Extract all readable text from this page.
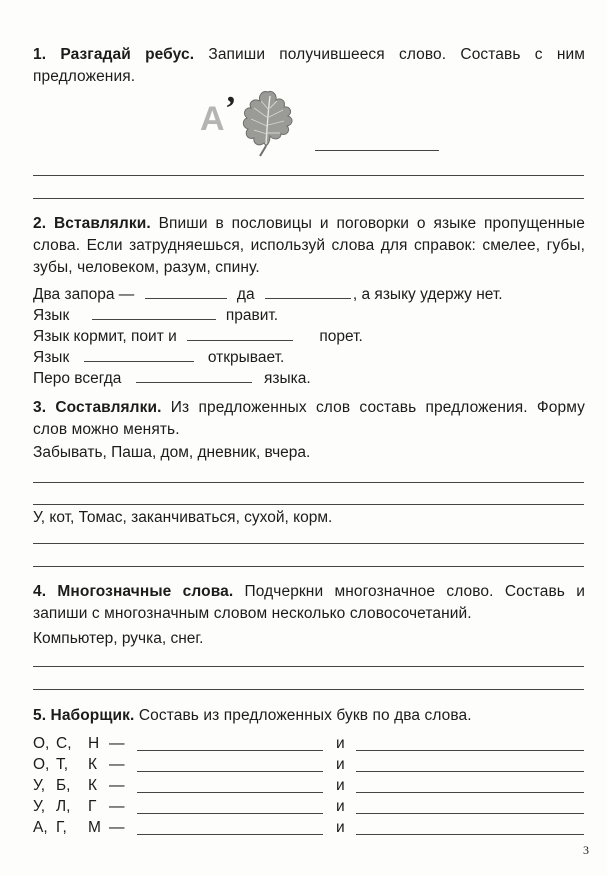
1. Разгадай ребус. Запиши получившееся слово. Составь с ним предложения.
А ’
2. Вставлялки. Впиши в пословицы и поговорки о языке пропущенные слова. Если затрудняешься, используй слова для справок: смелее, губы, зубы, человеком, разум, спину.
Два запора —	да	, а языку удержу нет.
Язык	правит.
Язык кормит, поит и	порет.
Язык	открывает.
Перо всегда	языка.
3. Составлялки. Из предложенных слов составь предложения. Форму слов можно менять.
Забывать, Паша, дом, дневник, вчера.
У, кот, Томас, заканчиваться, сухой, корм.
4. Многозначные слова. Подчеркни многозначное слово. Составь и запиши с многозначным словом несколько словосочетаний.
Компьютер, ручка, снег.
5. Наборщик. Составь из предложенных букв по два слова.
О, С, Н —	и
О, Т, К —	и
У, Б, К —	и
У, Л, Г —	и
А, Г, М —	и
3
